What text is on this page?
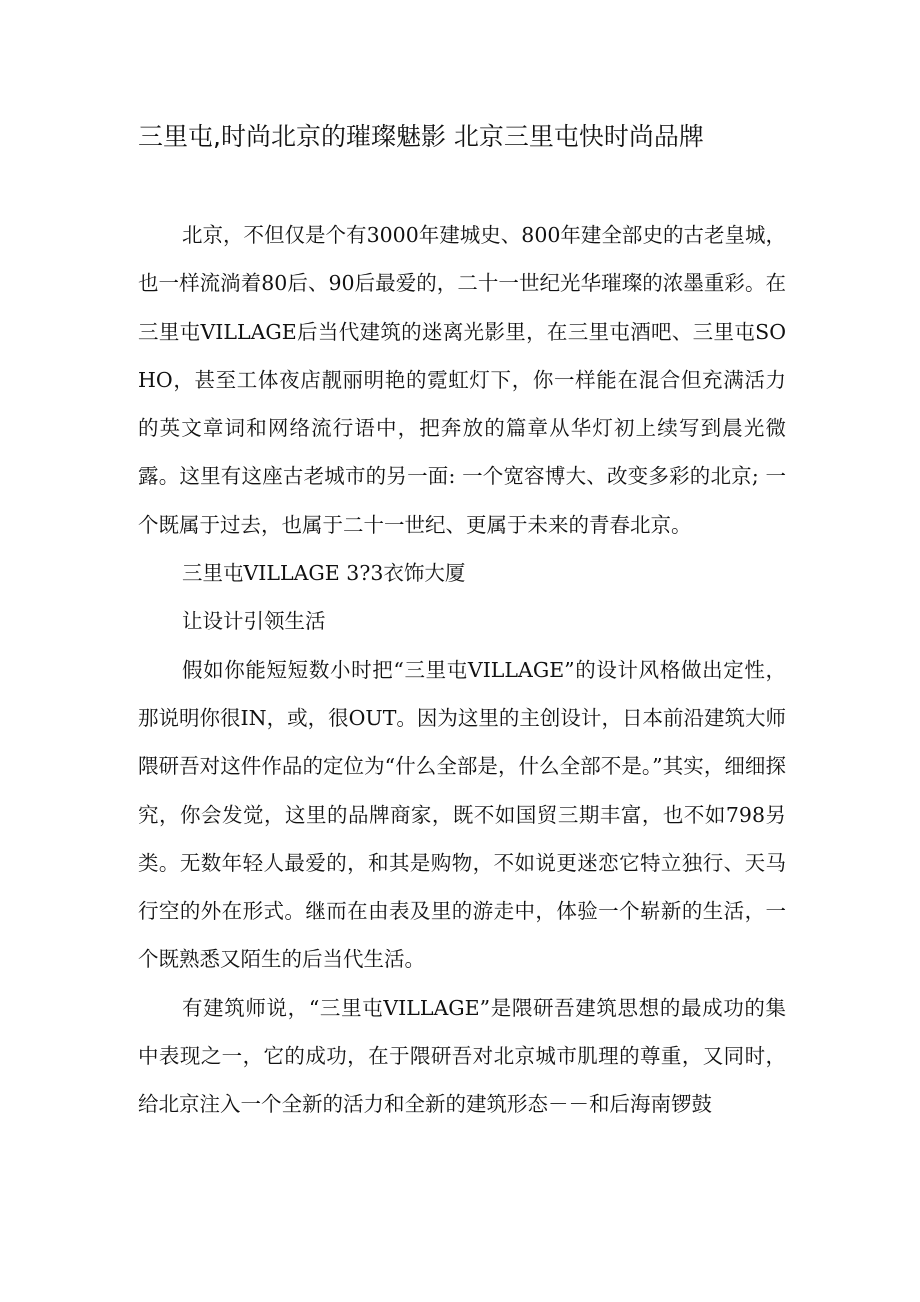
三里屯,时尚北京的璀璨魅影 北京三里屯快时尚品牌

北京，不但仅是个有3000年建城史、800年建全部史的古老皇城，也一样流淌着80后、90后最爱的，二十一世纪光华璀璨的浓墨重彩。在三里屯VILLAGE后当代建筑的迷离光影里，在三里屯酒吧、三里屯SOHO，甚至工体夜店靓丽明艳的霓虹灯下，你一样能在混合但充满活力的英文章词和网络流行语中，把奔放的篇章从华灯初上续写到晨光微露。这里有这座古老城市的另一面: 一个宽容博大、改变多彩的北京; 一个既属于过去，也属于二十一世纪、更属于未来的青春北京。

三里屯VILLAGE 3?3衣饰大厦

让设计引领生活

假如你能短短数小时把“三里屯VILLAGE”的设计风格做出定性，那说明你很IN，或，很OUT。因为这里的主创设计，日本前沿建筑大师隈研吾对这件作品的定位为“什么全部是，什么全部不是。”其实，细细探究，你会发觉，这里的品牌商家，既不如国贸三期丰富，也不如798另类。无数年轻人最爱的，和其是购物，不如说更迷恋它特立独行、天马行空的外在形式。继而在由表及里的游走中，体验一个崭新的生活，一个既熟悉又陌生的后当代生活。

有建筑师说，“三里屯VILLAGE”是隈研吾建筑思想的最成功的集中表现之一，它的成功，在于隈研吾对北京城市肌理的尊重，又同时，给北京注入一个全新的活力和全新的建筑形态－－和后海南锣鼓
